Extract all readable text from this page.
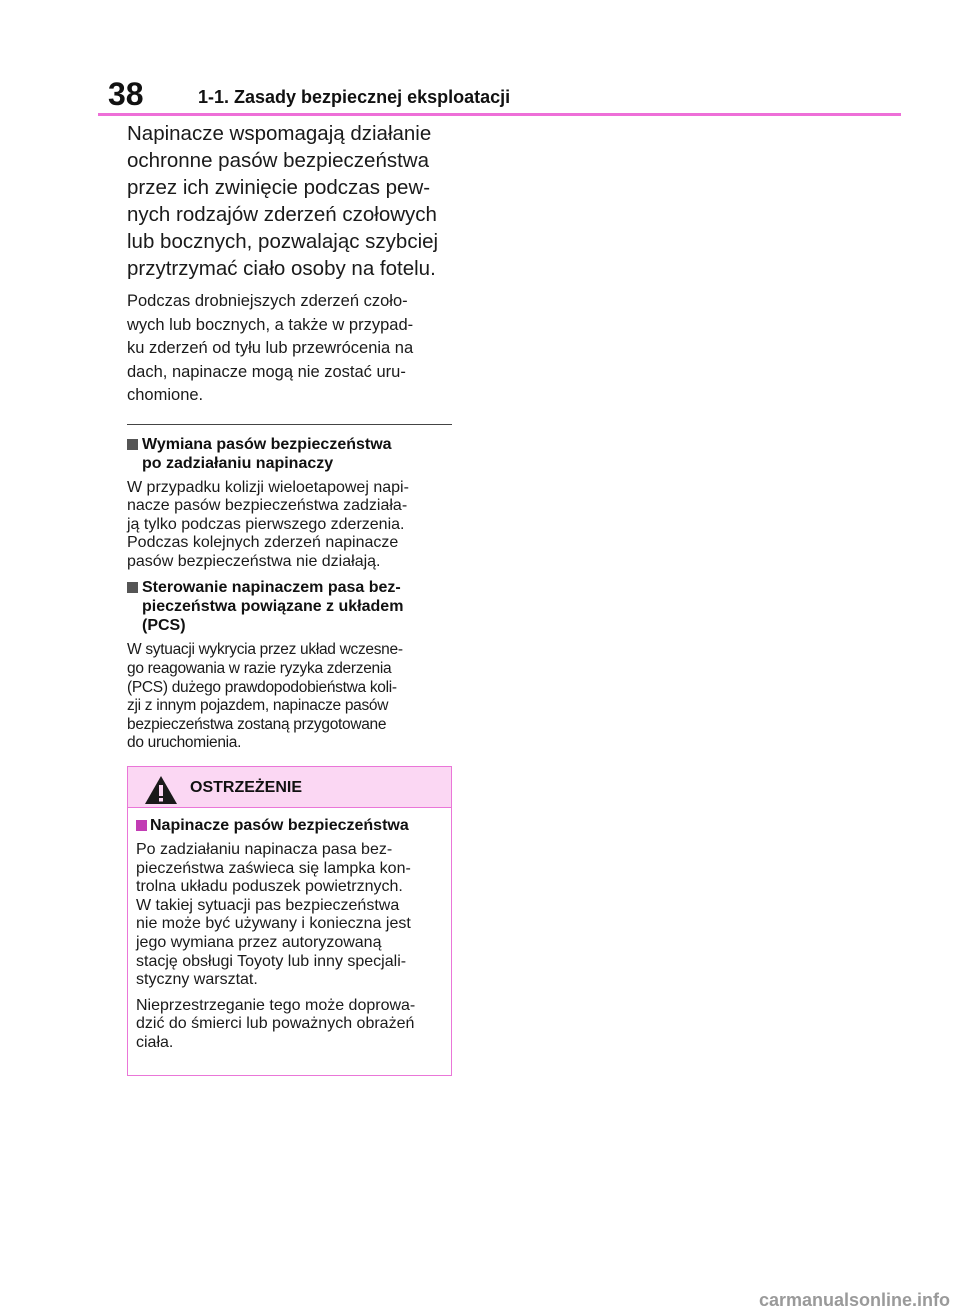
38	1-1. Zasady bezpiecznej eksploatacji

Napinacze wspomagają działanie
ochronne pasów bezpieczeństwa
przez ich zwinięcie podczas pew-
nych rodzajów zderzeń czołowych
lub bocznych, pozwalając szybciej
przytrzymać ciało osoby na fotelu.

Podczas drobniejszych zderzeń czoło-
wych lub bocznych, a także w przypad-
ku zderzeń od tyłu lub przewrócenia na
dach, napinacze mogą nie zostać uru-
chomione.

Wymiana pasów bezpieczeństwa
po zadziałaniu napinaczy

W przypadku kolizji wieloetapowej napi-
nacze pasów bezpieczeństwa zadziała-
ją tylko podczas pierwszego zderzenia.
Podczas kolejnych zderzeń napinacze
pasów bezpieczeństwa nie działają.

Sterowanie napinaczem pasa bez-
pieczeństwa powiązane z układem
(PCS)

W sytuacji wykrycia przez układ wczesne-
go reagowania w razie ryzyka zderzenia
(PCS) dużego prawdopodobieństwa koli-
zji z innym pojazdem, napinacze pasów
bezpieczeństwa zostaną przygotowane
do uruchomienia.

OSTRZEŻENIE
Napinacze pasów bezpieczeństwa

Po zadziałaniu napinacza pasa bez-
pieczeństwa zaświeca się lampka kon-
trolna układu poduszek powietrznych.
W takiej sytuacji pas bezpieczeństwa
nie może być używany i konieczna jest
jego wymiana przez autoryzowaną
stację obsługi Toyoty lub inny specjali-
styczny warsztat.

Nieprzestrzeganie tego może doprowa-
dzić do śmierci lub poważnych obrażeń
ciała.

carmanualsonline.info
